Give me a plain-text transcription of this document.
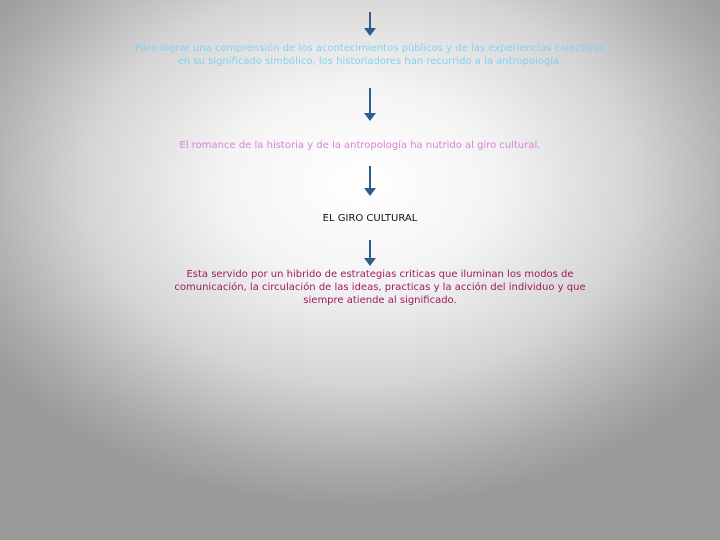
Para lograr una comprensión de los acontecimientos públicos y de las experiencias colectivas
en su significado simbólico, los historiadores han recurrido a la antropología.
El romance de la historia y de la antropología ha nutrido al giro cultural.
EL GIRO CULTURAL
Esta servido por un hibrido de estrategias criticas que iluminan los modos de
comunicación, la circulación de las ideas, practicas y la acción del individuo y que
siempre atiende al significado.
